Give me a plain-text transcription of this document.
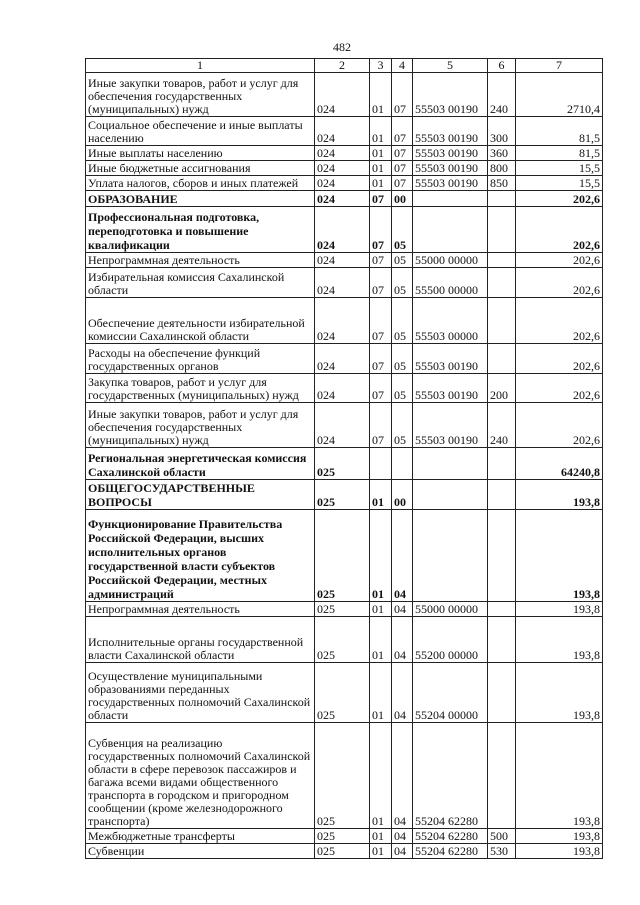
482
1	2	3	4	5	6	7
Иные закупки товаров, работ и услуг для обеспечения государственных (муниципальных) нужд	024	01	07	55503 00190	240	2710,4
Социальное обеспечение и иные выплаты населению	024	01	07	55503 00190	300	81,5
Иные выплаты населению	024	01	07	55503 00190	360	81,5
Иные бюджетные ассигнования	024	01	07	55503 00190	800	15,5
Уплата налогов, сборов и иных платежей	024	01	07	55503 00190	850	15,5
ОБРАЗОВАНИЕ	024	07	00			202,6
Профессиональная подготовка, переподготовка и повышение квалификации	024	07	05			202,6
Непрограммная деятельность	024	07	05	55000 00000		202,6
Избирательная комиссия Сахалинской области	024	07	05	55500 00000		202,6
Обеспечение деятельности избирательной комиссии Сахалинской области	024	07	05	55503 00000		202,6
Расходы на обеспечение функций государственных органов	024	07	05	55503 00190		202,6
Закупка товаров, работ и услуг для государственных (муниципальных) нужд	024	07	05	55503 00190	200	202,6
Иные закупки товаров, работ и услуг для обеспечения государственных (муниципальных) нужд	024	07	05	55503 00190	240	202,6
Региональная энергетическая комиссия Сахалинской области	025					64240,8
ОБЩЕГОСУДАРСТВЕННЫЕ ВОПРОСЫ	025	01	00			193,8
Функционирование Правительства Российской Федерации, высших исполнительных органов государственной власти субъектов Российской Федерации, местных администраций	025	01	04			193,8
Непрограммная деятельность	025	01	04	55000 00000		193,8
Исполнительные органы государственной власти Сахалинской области	025	01	04	55200 00000		193,8
Осуществление муниципальными образованиями переданных государственных полномочий Сахалинской области	025	01	04	55204 00000		193,8
Субвенция на реализацию государственных полномочий Сахалинской области в сфере перевозок пассажиров и багажа всеми видами общественного транспорта в городском и пригородном сообщении (кроме железнодорожного транспорта)	025	01	04	55204 62280		193,8
Межбюджетные трансферты	025	01	04	55204 62280	500	193,8
Субвенции	025	01	04	55204 62280	530	193,8
